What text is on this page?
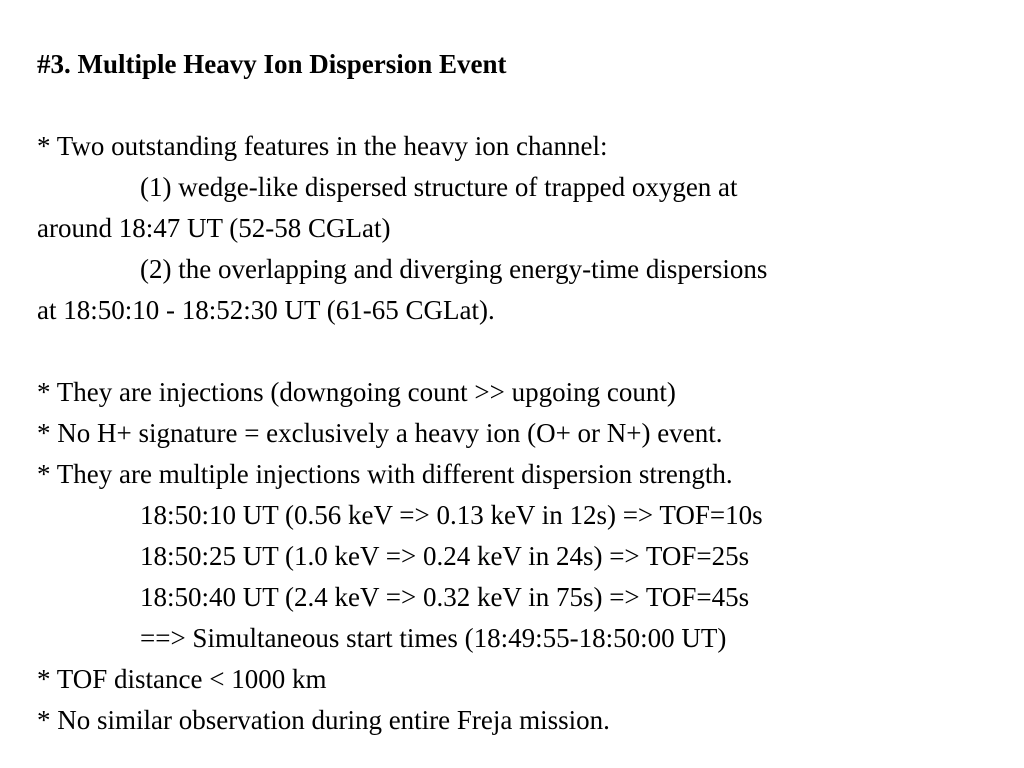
#3. Multiple Heavy Ion Dispersion Event

* Two outstanding features in the heavy ion channel:

(1) wedge-like dispersed structure of trapped oxygen at

around 18:47 UT (52-58 CGLat)

(2) the overlapping and diverging energy-time dispersions

at 18:50:10 - 18:52:30 UT (61-65 CGLat).

* They are injections (downgoing count >> upgoing count)

* No H+ signature = exclusively a heavy ion (O+ or N+) event.

* They are multiple injections with different dispersion strength.

18:50:10 UT (0.56 keV => 0.13 keV in 12s) => TOF=10s

18:50:25 UT (1.0 keV => 0.24 keV in 24s) => TOF=25s

18:50:40 UT (2.4 keV => 0.32 keV in 75s) => TOF=45s

==> Simultaneous start times (18:49:55-18:50:00 UT)

* TOF distance < 1000 km

* No similar observation during entire Freja mission.
